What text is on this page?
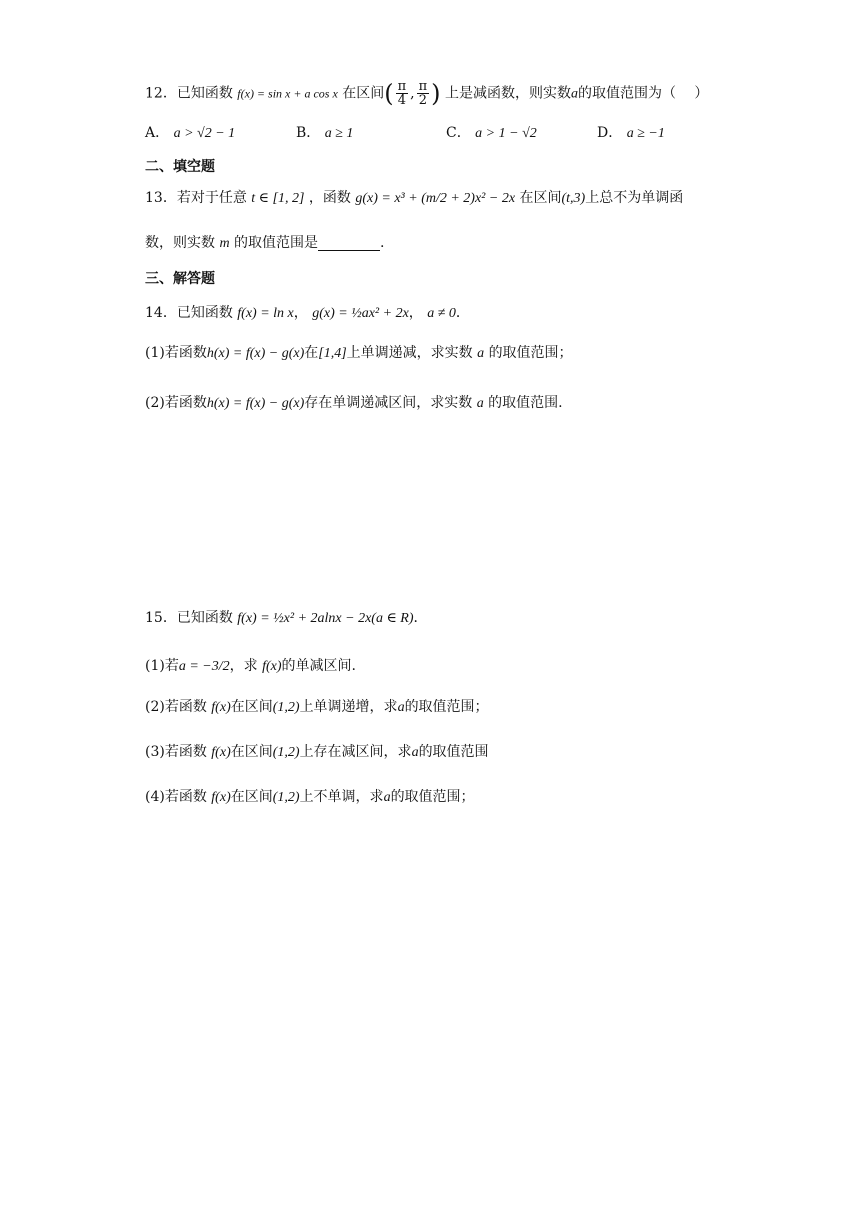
12．已知函数 f(x) = sin x + a cos x 在区间( $\frac{\pi}{4}$ , $\frac{\pi}{2}$ ) 上是减函数，则实数a的取值范围为（　 ）
A． a > √2 − 1	B． a ≥ 1	C． a > 1 − √2	D． a ≥ −1
二、填空题
13．若对于任意 t ∈ [1, 2] ，函数 g(x) = x³ + (m/2 + 2)x² − 2x 在区间(t,3)上总不为单调函
数，则实数 m 的取值范围是	.
三、解答题
14．已知函数 f(x) = ln x， g(x) = ½ax² + 2x， a ≠ 0．
(1)若函数h(x) = f(x) − g(x)在[1,4]上单调递减，求实数 a 的取值范围；
(2)若函数h(x) = f(x) − g(x)存在单调递减区间，求实数 a 的取值范围.
15．已知函数 f(x) = ½x² + 2alnx − 2x(a ∈ R)．
(1)若a = −3/2，求 f(x)的单减区间.
(2)若函数 f(x)在区间(1,2)上单调递增，求a的取值范围；
(3)若函数 f(x)在区间(1,2)上存在减区间，求a的取值范围
(4)若函数 f(x)在区间(1,2)上不单调，求a的取值范围；
